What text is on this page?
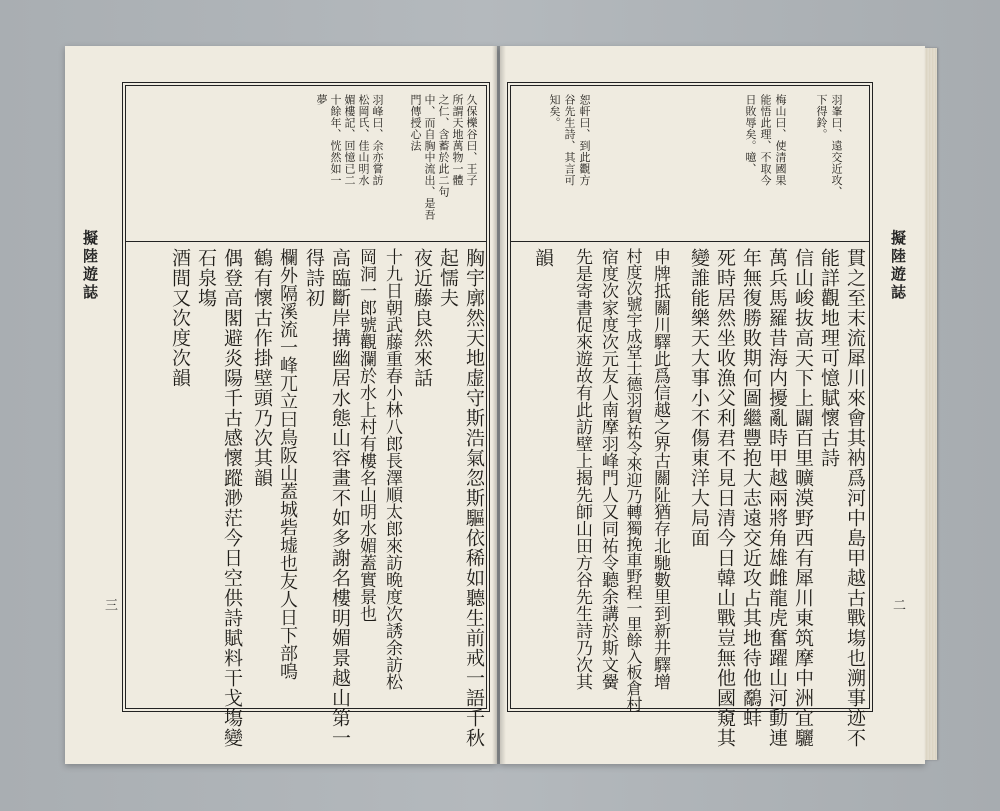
擬陸遊誌	擬陸遊誌
三	二
羽峯曰、遠交近攻、
下得鈴。
梅山曰、使清國果
能悟此理、不取今
日敗辱矣。噫、
恕軒曰、到此觀方
谷先生詩、其言可
知矣。
貫之至末流犀川來會其衲爲河中島甲越古戰塲也溯事迹不
能詳觀地理可憶賦懷古詩
信山峻抜高天下上闢百里曠漠野西有犀川東筑摩中洲宜驪
萬兵馬羅昔海内擾亂時甲越兩將角雄雌龍虎奮躍山河動連
年無復勝敗期何圖繼豐抱大志遠交近攻占其地待他鷸蚌
死時居然坐收漁父利君不見日清今日韓山戰豈無他國窺其
變誰能樂天大事小不傷東洋大局面
申牌抵關川驛此爲信越之界古關阯猶存北馳數里到新井驛增
村度次號宇成堂士德羽賀祐令來迎乃轉獨挽車野程一里餘入板倉村
宿度次家度次元友人南摩羽峰門人又同祐令聽余講於斯文黌
先是寄書促來遊故有此訪壁上揭先師山田方谷先生詩乃次其
韻
久保櫟谷曰、王子
所謂天地萬物一體
之仁、含蓄於此二句
中、而自胸中流出、是吾
門傳授心法
羽峰曰、余亦嘗訪
松岡氏、佳山明水
媚樓記、回憶已二
十餘年、恍然如一
夢
胸宇廓然天地虚守斯浩氣忽斯驅依稀如聽生前戒一語千秋
起懦夫
夜近藤良然來話
十九日朝武藤重春小林八郎長澤順太郎來訪晩度次誘余訪松
岡洞一郎號觀瀾於水上村有樓名山明水媚蓋實景也
高臨斷岸搆幽居水態山容畫不如多謝名樓明媚景越山第一
得詩初
欄外隔溪流一峰兀立曰鳥阪山蓋城砦墟也友人日下部鳴
鶴有懷古作掛壁頭乃次其韻
偶登高閣避炎陽千古感懷蹤渺茫今日空供詩賦料干戈塲變
石泉塲
酒間又次度次韻
